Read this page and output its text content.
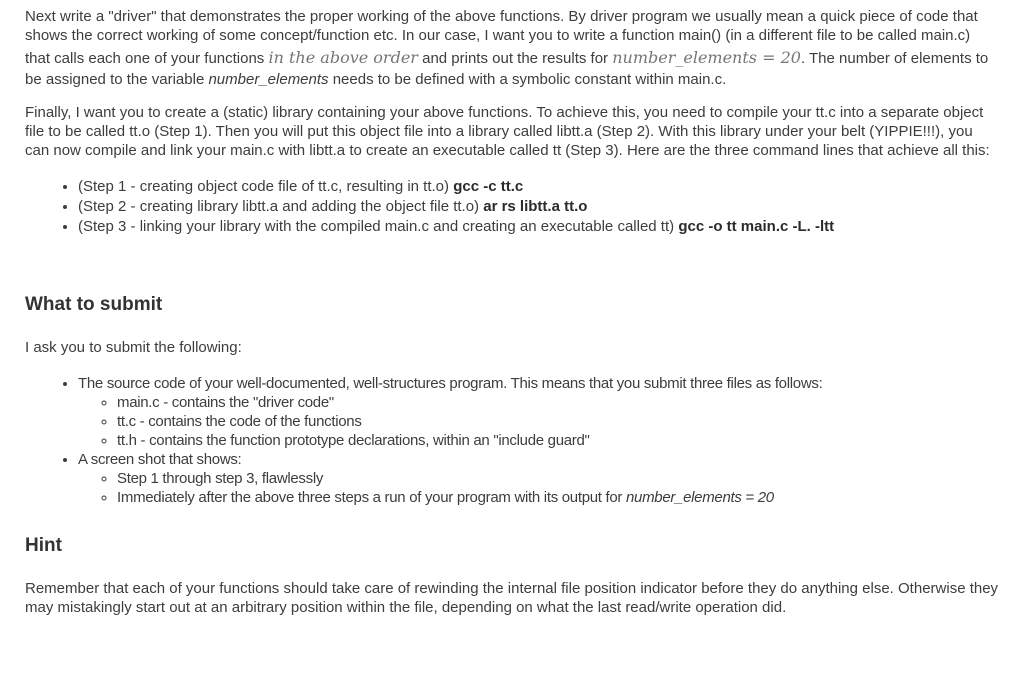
Next write a "driver" that demonstrates the proper working of the above functions. By driver program we usually mean a quick piece of code that shows the correct working of some concept/function etc. In our case, I want you to write a function main() (in a different file to be called main.c) that calls each one of your functions in the above order and prints out the results for number_elements = 20. The number of elements to be assigned to the variable number_elements needs to be defined with a symbolic constant within main.c.

Finally, I want you to create a (static) library containing your above functions. To achieve this, you need to compile your tt.c into a separate object file to be called tt.o (Step 1). Then you will put this object file into a library called libtt.a (Step 2). With this library under your belt (YIPPIE!!!), you can now compile and link your main.c with libtt.a to create an executable called tt (Step 3). Here are the three command lines that achieve all this:

• (Step 1 - creating object code file of tt.c, resulting in tt.o) gcc -c tt.c
• (Step 2 - creating library libtt.a and adding the object file tt.o) ar rs libtt.a tt.o
• (Step 3 - linking your library with the compiled main.c and creating an executable called tt) gcc -o tt main.c -L. -ltt
What to submit

I ask you to submit the following:

• The source code of your well-documented, well-structures program. This means that you submit three files as follows:
◦ main.c - contains the "driver code"
◦ tt.c - contains the code of the functions
◦ tt.h - contains the function prototype declarations, within an "include guard"
• A screen shot that shows:
◦ Step 1 through step 3, flawlessly
◦ Immediately after the above three steps a run of your program with its output for number_elements = 20
Hint

Remember that each of your functions should take care of rewinding the internal file position indicator before they do anything else. Otherwise they may mistakingly start out at an arbitrary position within the file, depending on what the last read/write operation did.
